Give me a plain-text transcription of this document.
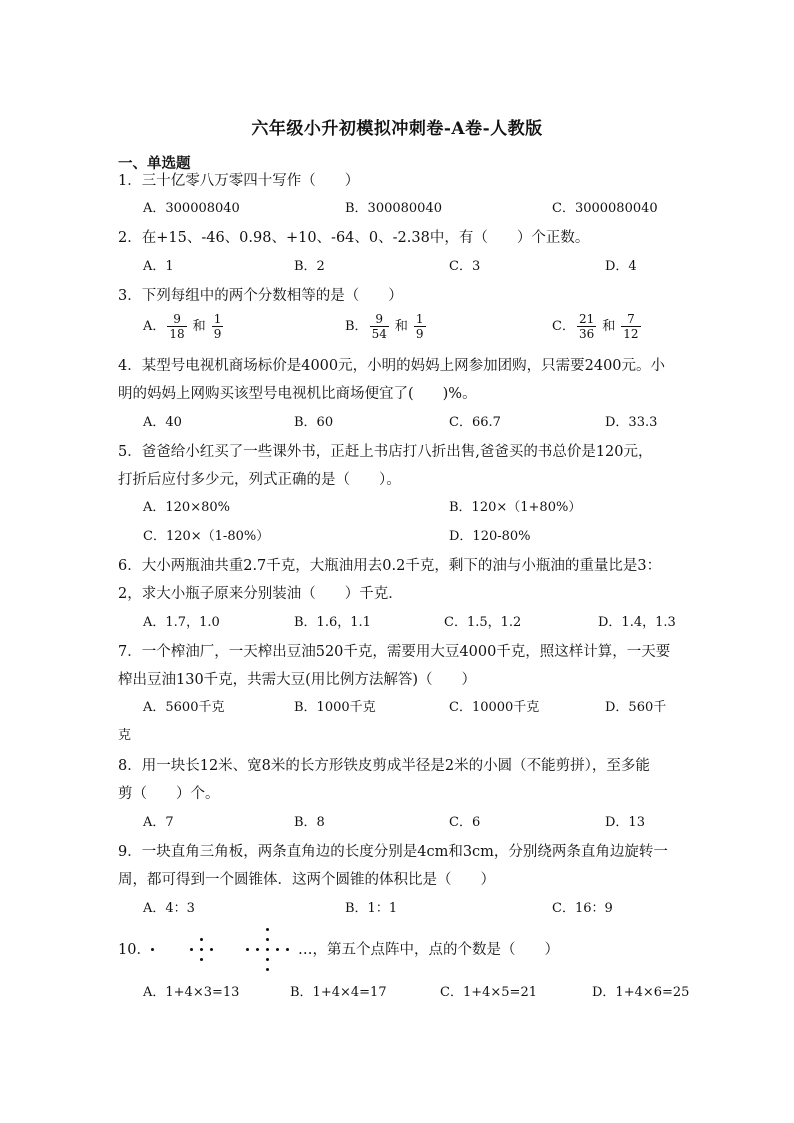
六年级小升初模拟冲刺卷-A卷-人教版
一、单选题
1．三十亿零八万零四十写作（　　）
A．300008040	B．300080040	C．3000080040
2．在+15、-46、0.98、+10、-64、0、-2.38中，有（　　）个正数。
A．1	B．2	C．3	D．4
3．下列每组中的两个分数相等的是（　　）
A． $\frac{9}{18}$ 和 $\frac{1}{9}$	B． $\frac{9}{54}$ 和 $\frac{1}{9}$	C． $\frac{21}{36}$ 和 $\frac{7}{12}$
4．某型号电视机商场标价是4000元，小明的妈妈上网参加团购，只需要2400元。小
明的妈妈上网购买该型号电视机比商场便宜了(　　)%。
A．40	B．60	C．66.7	D．33.3
5．爸爸给小红买了一些课外书，正赶上书店打八折出售,爸爸买的书总价是120元，
打折后应付多少元，列式正确的是（　　）。
A．120×80%	B．120×（1+80%）
C．120×（1-80%）	D．120-80%
6．大小两瓶油共重2.7千克，大瓶油用去0.2千克，剩下的油与小瓶油的重量比是3：
2，求大小瓶子原来分别装油（　　）千克．
A．1.7，1.0	B．1.6，1.1	C．1.5，1.2	D．1.4，1.3
7．一个榨油厂，一天榨出豆油520千克，需要用大豆4000千克，照这样计算，一天要
榨出豆油130千克，共需大豆(用比例方法解答)（　　）
A．5600千克	B．1000千克	C．10000千克	D．560千
克
8．用一块长12米、宽8米的长方形铁皮剪成半径是2米的小圆（不能剪拼），至多能
剪（　　）个。
A．7	B．8	C．6	D．13
9．一块直角三角板，两条直角边的长度分别是4cm和3cm，分别绕两条直角边旋转一
周，都可得到一个圆锥体．这两个圆锥的体积比是（　　）
A．4：3	B．1：1	C．16：9
10．	…，第五个点阵中，点的个数是（　　）
A．1+4×3=13	B．1+4×4=17	C．1+4×5=21	D．1+4×6=25
